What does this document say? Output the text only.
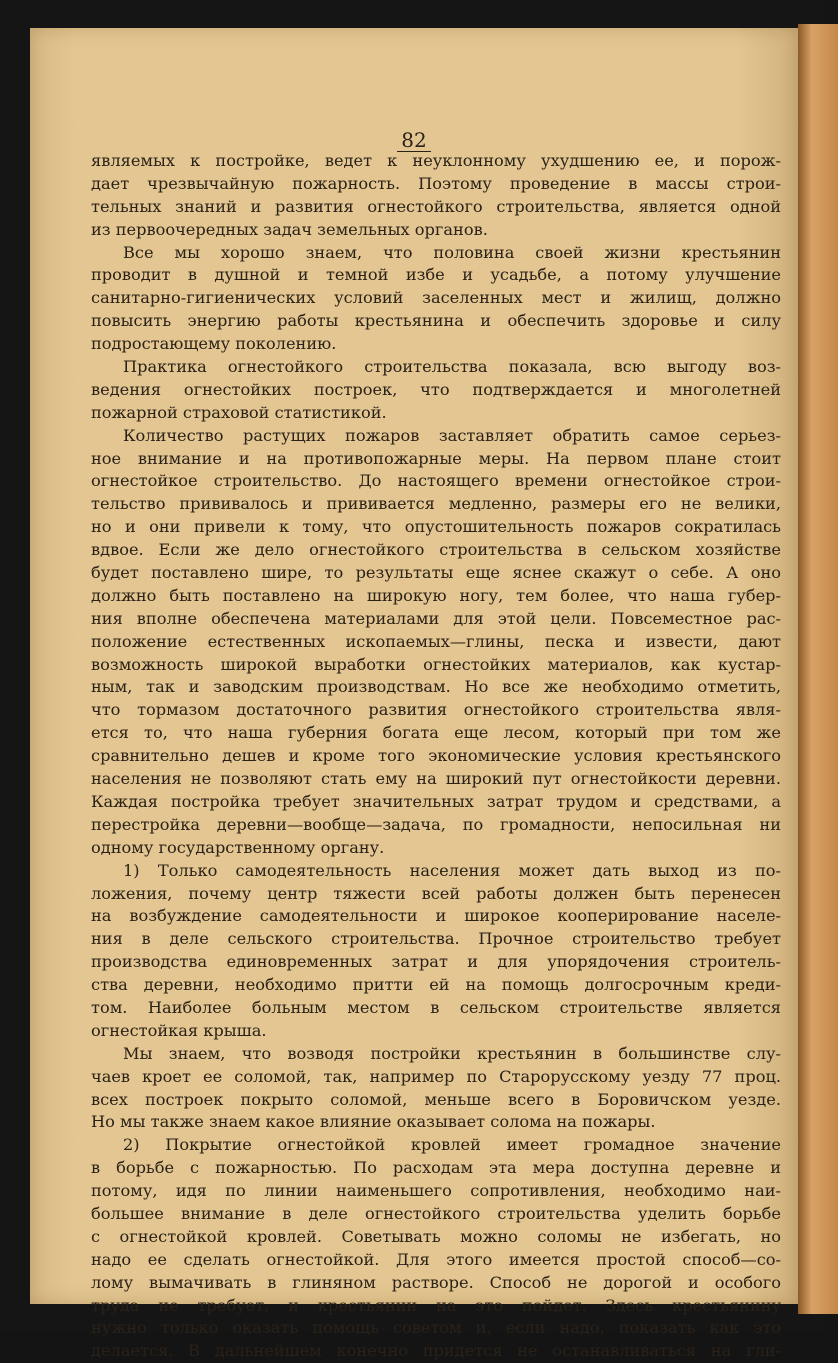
82
являемых к постройке, ведет к неуклонному ухудшению ее, и порож-
дает чрезвычайную пожарность. Поэтому проведение в массы строи-
тельных знаний и развития огнестойкого строительства, является одной
из первоочередных задач земельных органов.
Все мы хорошо знаем, что половина своей жизни крестьянин
проводит в душной и темной избе и усадьбе, а потому улучшение
санитарно-гигиенических условий заселенных мест и жилищ, должно
повысить энергию работы крестьянина и обеспечить здоровье и силу
подростающему поколению.
Практика огнестойкого строительства показала, всю выгоду воз-
ведения огнестойких построек, что подтверждается и многолетней
пожарной страховой статистикой.
Количество растущих пожаров заставляет обратить самое серьез-
ное внимание и на противопожарные меры. На первом плане стоит
огнестойкое строительство. До настоящего времени огнестойкое строи-
тельство прививалось и прививается медленно, размеры его не велики,
но и они привели к тому, что опустошительность пожаров сократилась
вдвое. Если же дело огнестойкого строительства в сельском хозяйстве
будет поставлено шире, то результаты еще яснее скажут о себе. А оно
должно быть поставлено на широкую ногу, тем более, что наша губер-
ния вполне обеспечена материалами для этой цели. Повсеместное рас-
положение естественных ископаемых—глины, песка и извести, дают
возможность широкой выработки огнестойких материалов, как кустар-
ным, так и заводским производствам. Но все же необходимо отметить,
что тормазом достаточного развития огнестойкого строительства явля-
ется то, что наша губерния богата еще лесом, который при том же
сравнительно дешев и кроме того экономические условия крестьянского
населения не позволяют стать ему на широкий пут огнестойкости деревни.
Каждая постройка требует значительных затрат трудом и средствами, а
перестройка деревни—вообще—задача, по громадности, непосильная ни
одному государственному органу.
1) Только самодеятельность населения может дать выход из по-
ложения, почему центр тяжести всей работы должен быть перенесен
на возбуждение самодеятельности и широкое кооперирование населе-
ния в деле сельского строительства. Прочное строительство требует
производства единовременных затрат и для упорядочения строитель-
ства деревни, необходимо притти ей на помощь долгосрочным креди-
том. Наиболее больным местом в сельском строительстве является
огнестойкая крыша.
Мы знаем, что возводя постройки крестьянин в большинстве слу-
чаев кроет ее соломой, так, например по Старорусскому уезду 77 проц.
всех построек покрыто соломой, меньше всего в Боровичском уезде.
Но мы также знаем какое влияние оказывает солома на пожары.
2) Покрытие огнестойкой кровлей имеет громадное значение
в борьбе с пожарностью. По расходам эта мера доступна деревне и
потому, идя по линии наименьшего сопротивления, необходимо наи-
большее внимание в деле огнестойкого строительства уделить борьбе
с огнестойкой кровлей. Советывать можно соломы не избегать, но
надо ее сделать огнестойкой. Для этого имеется простой способ—со-
лому вымачивать в глиняном растворе. Способ не дорогой и особого
труда не требует, и крестьянин на это пойдет. Здесь крестьянину
нужно только оказать помощь советом и, если надо, показать как это
делается. В дальнейшем конечно придется не останавливаться на гли-
